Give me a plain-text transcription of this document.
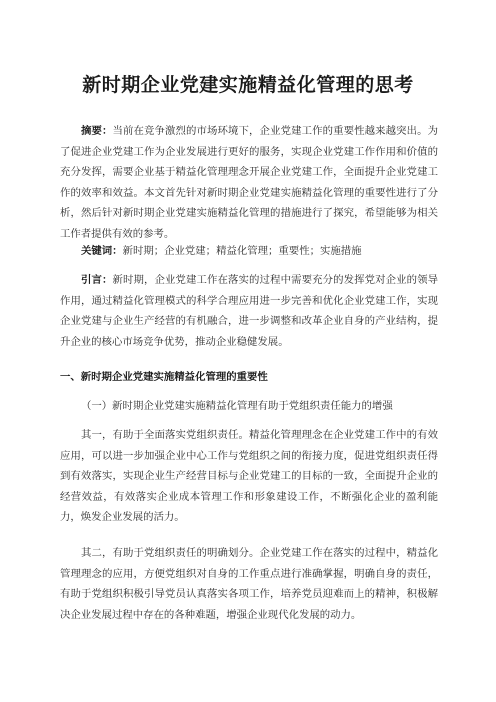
新时期企业党建实施精益化管理的思考
摘要：当前在竞争激烈的市场环境下，企业党建工作的重要性越来越突出。为了促进企业党建工作为企业发展进行更好的服务，实现企业党建工作作用和价值的充分发挥，需要企业基于精益化管理理念开展企业党建工作，全面提升企业党建工作的效率和效益。本文首先针对新时期企业党建实施精益化管理的重要性进行了分析，然后针对新时期企业党建实施精益化管理的措施进行了探究，希望能够为相关工作者提供有效的参考。
关键词：新时期；企业党建；精益化管理；重要性；实施措施
引言：新时期，企业党建工作在落实的过程中需要充分的发挥党对企业的领导作用，通过精益化管理模式的科学合理应用进一步完善和优化企业党建工作，实现企业党建与企业生产经营的有机融合，进一步调整和改革企业自身的产业结构，提升企业的核心市场竞争优势，推动企业稳健发展。
一、新时期企业党建实施精益化管理的重要性
（一）新时期企业党建实施精益化管理有助于党组织责任能力的增强
其一，有助于全面落实党组织责任。精益化管理理念在企业党建工作中的有效应用，可以进一步加强企业中心工作与党组织之间的衔接力度，促进党组织责任得到有效落实，实现企业生产经营目标与企业党建工的目标的一致，全面提升企业的经营效益，有效落实企业成本管理工作和形象建设工作，不断强化企业的盈利能力，焕发企业发展的活力。
其二，有助于党组织责任的明确划分。企业党建工作在落实的过程中，精益化管理理念的应用，方便党组织对自身的工作重点进行准确掌握，明确自身的责任，有助于党组织积极引导党员认真落实各项工作，培养党员迎难而上的精神，积极解决企业发展过程中存在的各种难题，增强企业现代化发展的动力。
